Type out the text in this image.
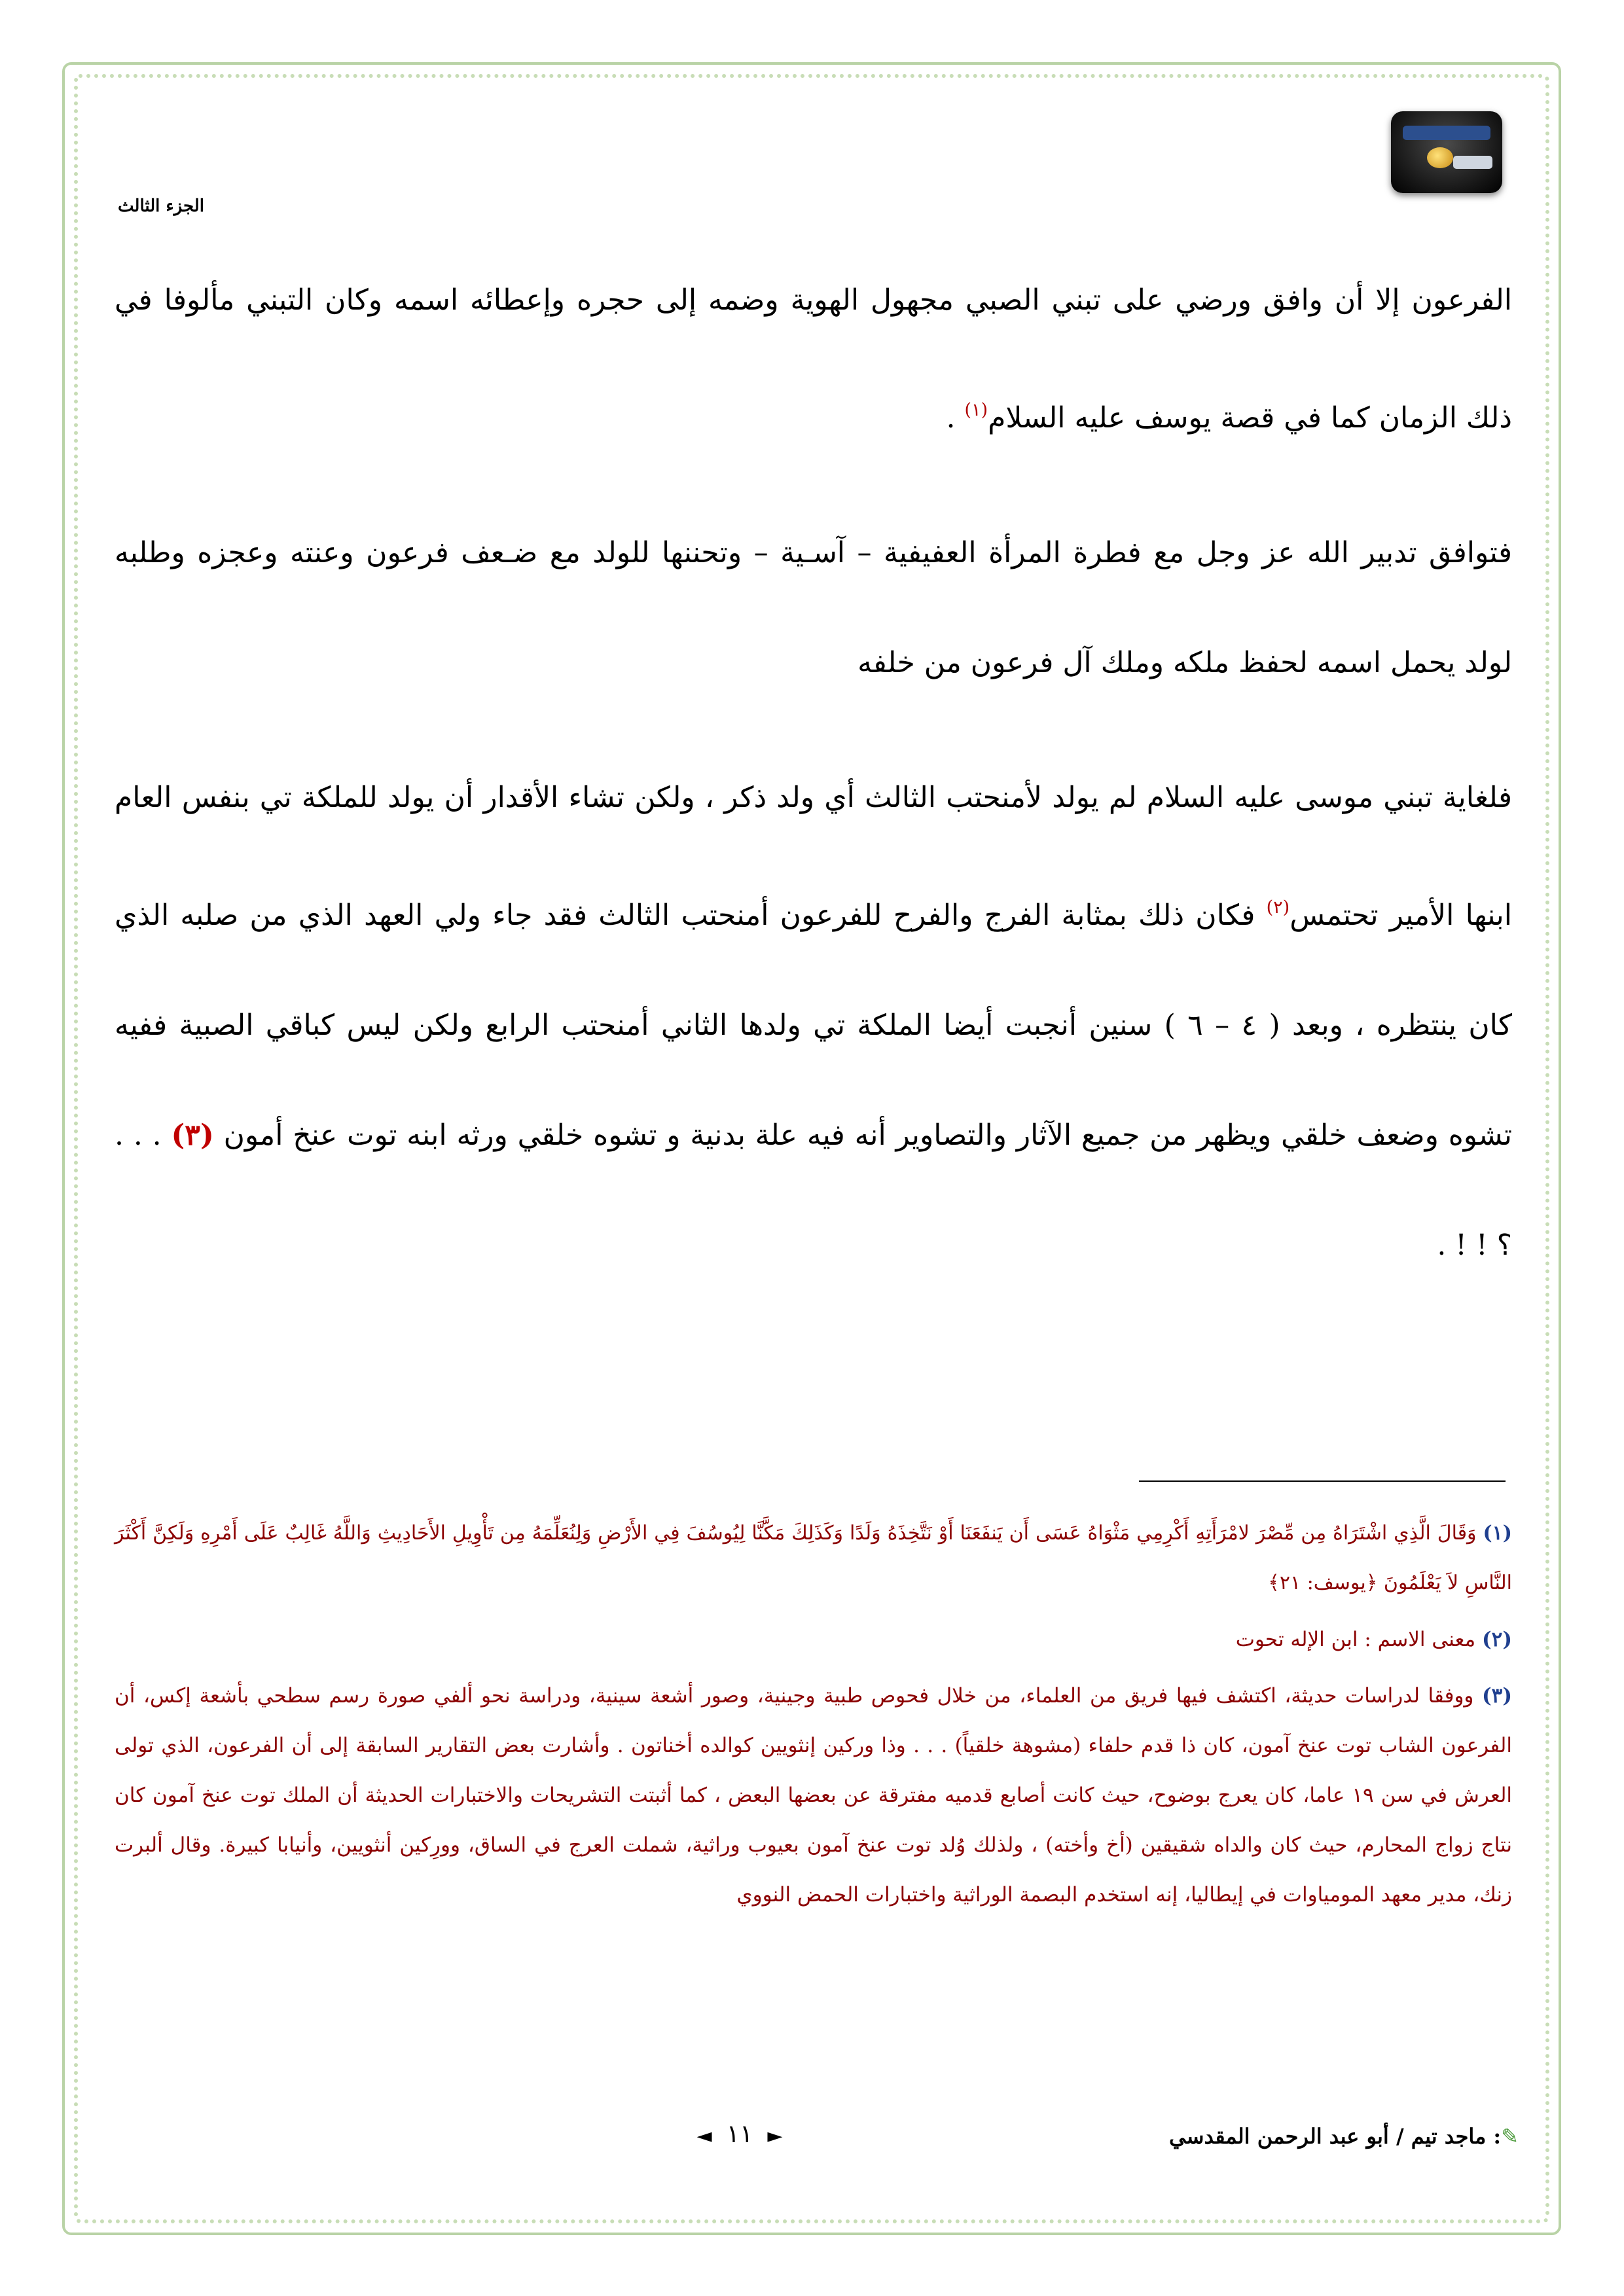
الجزء الثالث

الفرعون إلا أن وافق ورضي على تبني الصبي مجهول الهوية وضمه إلى حجره وإعطائه اسمه وكان التبني مألوفا في ذلك الزمان كما في قصة يوسف عليه السلام$^{(١)}$ .

فتوافق تدبير الله عز وجل مع فطرة المرأة العفيفية – آسـية – وتحننها للولد مع ضـعف فرعون وعنته وعجزه وطلبه لولد يحمل اسمه لحفظ ملكه وملك آل فرعون من خلفه

فلغاية تبني موسى عليه السلام لم يولد لأمنحتب الثالث أي ولد ذكر ، ولكن تشاء الأقدار أن يولد للملكة تي بنفس العام ابنها الأمير تحتمس$^{(٢)}$ فكان ذلك بمثابة الفرج والفرح للفرعون أمنحتب الثالث فقد جاء ولي العهد الذي من صلبه الذي كان ينتظره ، وبعد ( ٤ – ٦ ) سنين أنجبت أيضا الملكة تي ولدها الثاني أمنحتب الرابع ولكن ليس كباقي الصبية ففيه تشوه وضعف خلقي ويظهر من جميع الآثار والتصاوير أنه فيه علة بدنية و تشوه خلقي ورثه ابنه توت عنخ أمون (٣) . . . ؟ ! ! .

(١) وَقَالَ الَّذِي اشْتَرَاهُ مِن مِّصْرَ لامْرَأَتِهِ أَكْرِمِي مَثْوَاهُ عَسَى أَن يَنفَعَنَا أَوْ نَتَّخِذَهُ وَلَدًا وَكَذَلِكَ مَكَّنَّا لِيُوسُفَ فِي الأَرْضِ وَلِنُعَلِّمَهُ مِن تَأْوِيلِ الأَحَادِيثِ وَاللَّهُ غَالِبٌ عَلَى أَمْرِهِ وَلَكِنَّ أَكْثَرَ النَّاسِ لاَ يَعْلَمُونَ ﴿يوسف: ٢١﴾

(٢) معنى الاسم : ابن الإله تحوت

(٣) ووفقا لدراسات حديثة، اكتشف فيها فريق من العلماء، من خلال فحوص طبية وجينية، وصور أشعة سينية، ودراسة نحو ألفي صورة رسم سطحي بأشعة إكس، أن الفرعون الشاب توت عنخ آمون، كان ذا قدم حلفاء (مشوهة خلقياً) . . . وذا وركين إنثويين كوالده أخناتون . وأشارت بعض التقارير السابقة إلى أن الفرعون، الذي تولى العرش في سن ١٩ عاما، كان يعرج بوضوح، حيث كانت أصابع قدميه مفترقة عن بعضها البعض ، كما أثبتت التشريحات والاختبارات الحديثة أن الملك توت عنخ آمون كان نتاج زواج المحارم، حيث كان والداه شقيقين (أخ وأخته) ، ولذلك وُلد توت عنخ آمون بعيوب وراثية، شملت العرج في الساق، وورِكين أنثويين، وأنيابا كبيرة. وقال ألبرت زنك، مدير معهد المومياوات في إيطاليا، إنه استخدم البصمة الوراثية واختبارات الحمض النووي

✎: ماجد تيم / أبو عبد الرحمن المقدسي
◄ ١١ ►
